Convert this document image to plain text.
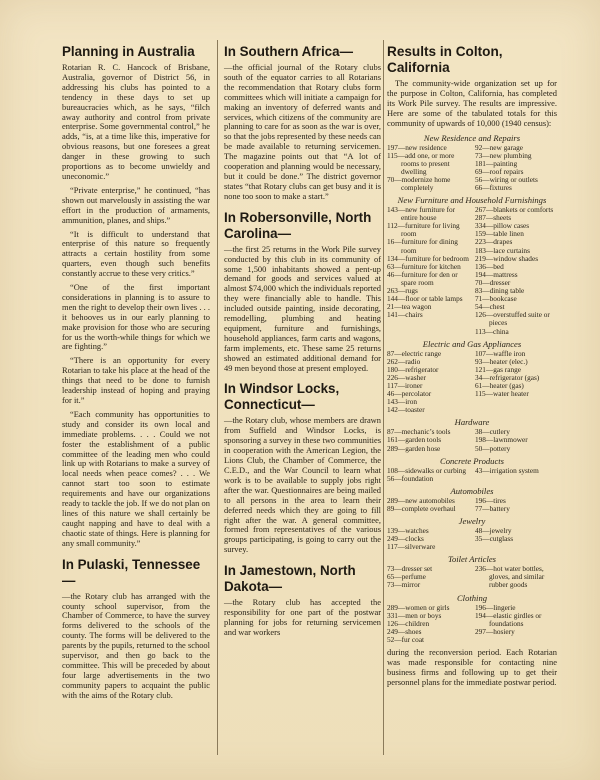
Planning in Australia

Rotarian R. C. Hancock of Brisbane, Australia, governor of District 56, in addressing his clubs has pointed to a tendency in these days to set up bureaucracies which, as he says, “filch away authority and control from private enterprise. Some governmental control,” he adds, “is, at a time like this, imperative for obvious reasons, but one foresees a great danger in these growing to such proportions as to become unwieldy and uneconomic.”

“Private enterprise,” he continued, “has shown out marvelously in assisting the war effort in the production of armaments, ammunition, planes, and ships.”

“It is difficult to understand that enterprise of this nature so frequently attracts a certain hostility from some quarters, even though such benefits constantly accrue to these very critics.”

“One of the first important considerations in planning is to assure to men the right to develop their own lives . . . it behooves us in our early planning to make provision for those who are securing for us the worth-while things for which we are fighting.”

“There is an opportunity for every Rotarian to take his place at the head of the things that need to be done to furnish leadership instead of hoping and praying for it.”

“Each community has opportunities to study and consider its own local and immediate problems. . . . Could we not foster the establishment of a public committee of the leading men who could link up with Rotarians to make a survey of local needs when peace comes? . . . We cannot start too soon to estimate requirements and have our organizations ready to tackle the job. If we do not plan on lines of this nature we shall certainly be caught napping and have to deal with a chaotic state of things. Here is planning for any small community.”

In Pulaski, Tennessee—

—the Rotary club has arranged with the county school supervisor, from the Chamber of Commerce, to have the survey forms delivered to the schools of the county. The forms will be delivered to the parents by the pupils, returned to the school supervisor, and then go back to the committee. This will be preceded by about four large advertisements in the two community papers to acquaint the public with the aims of the Rotary club.

In Southern Africa—

—the official journal of the Rotary clubs south of the equator carries to all Rotarians the recommendation that Rotary clubs form committees which will initiate a campaign for making an inventory of deferred wants and services, which citizens of the community are planning to care for as soon as the war is over, so that the jobs represented by these needs can be made available to returning servicemen. The magazine points out that “A lot of cooperation and planning would be necessary, but it could be done.” The district governor states “that Rotary clubs can get busy and it is none too soon to make a start.”

In Robersonville, North Carolina—

—the first 25 returns in the Work Pile survey conducted by this club in its community of some 1,500 inhabitants showed a pent-up demand for goods and services valued at almost $74,000 which the individuals reported they were financially able to handle. This included outside painting, inside decorating, remodelling, plumbing and heating equipment, furniture and furnishings, household appliances, farm carts and wagons, farm implements, etc. These same 25 returns showed an estimated additional demand for 49 men beyond those at present employed.

In Windsor Locks, Connecticut—

—the Rotary club, whose members are drawn from Suffield and Windsor Locks, is sponsoring a survey in these two communities in cooperation with the American Legion, the Lions Club, the Chamber of Commerce, the C.E.D., and the War Council to learn what work is to be available to supply jobs right after the war. Questionnaires are being mailed to all persons in the area to learn their deferred needs which they are going to fill right after the war. A general committee, formed from representatives of the various groups participating, is going to carry out the survey.

In Jamestown, North Dakota—

—the Rotary club has accepted the responsibility for one part of the postwar planning for jobs for returning servicemen and war workers

Results in Colton, California

The community-wide organization set up for the purpose in Colton, California, has completed its Work Pile survey. The results are impressive. Here are some of the tabulated totals for this community of upwards of 10,000 (1940 census):

New Residence and Repairs
197—new residence
115—add one, or more rooms to present dwelling
70—modernize home completely
92—new garage
73—new plumbing
181—painting
69—roof repairs
56—wiring or outlets
66—fixtures
New Furniture and Household Furnishings
143—new furniture for entire house
112—furniture for living room
16—furniture for dining room
134—furniture for bedroom
63—furniture for kitchen
46—furniture for den or spare room
263—rugs
144—floor or table lamps
21—tea wagon
141—chairs
267—blankets or comforts
287—sheets
334—pillow cases
159—table linen
223—drapes
183—lace curtains
219—window shades
136—bed
194—mattress
70—dresser
83—dining table
71—bookcase
54—chest
126—overstuffed suite or pieces
113—china
Electric and Gas Appliances
87—electric range
262—radio
180—refrigerator
226—washer
117—ironer
46—percolator
143—iron
142—toaster
107—waffle iron
93—heater (elec.)
121—gas range
34—refrigerator (gas)
61—heater (gas)
115—water heater
Hardware
87—mechanic’s tools
161—garden tools
289—garden hose
38—cutlery
198—lawnmower
50—pottery
Concrete Products
108—sidewalks or curbing
56—foundation
43—irrigation system
Automobiles
289—new automobiles
89—complete overhaul
196—tires
77—battery
Jewelry
139—watches
249—clocks
117—silverware
48—jewelry
35—cutglass
Toilet Articles
73—dresser set
65—perfume
73—mirror
236—hot water bottles, gloves, and similar rubber goods
Clothing
289—women or girls
331—men or boys
126—children
249—shoes
52—fur coat
196—lingerie
194—elastic girdles or foundations
297—hosiery

during the reconversion period. Each Rotarian was made responsible for contacting nine business firms and following up to get their personnel plans for the immediate postwar period.
